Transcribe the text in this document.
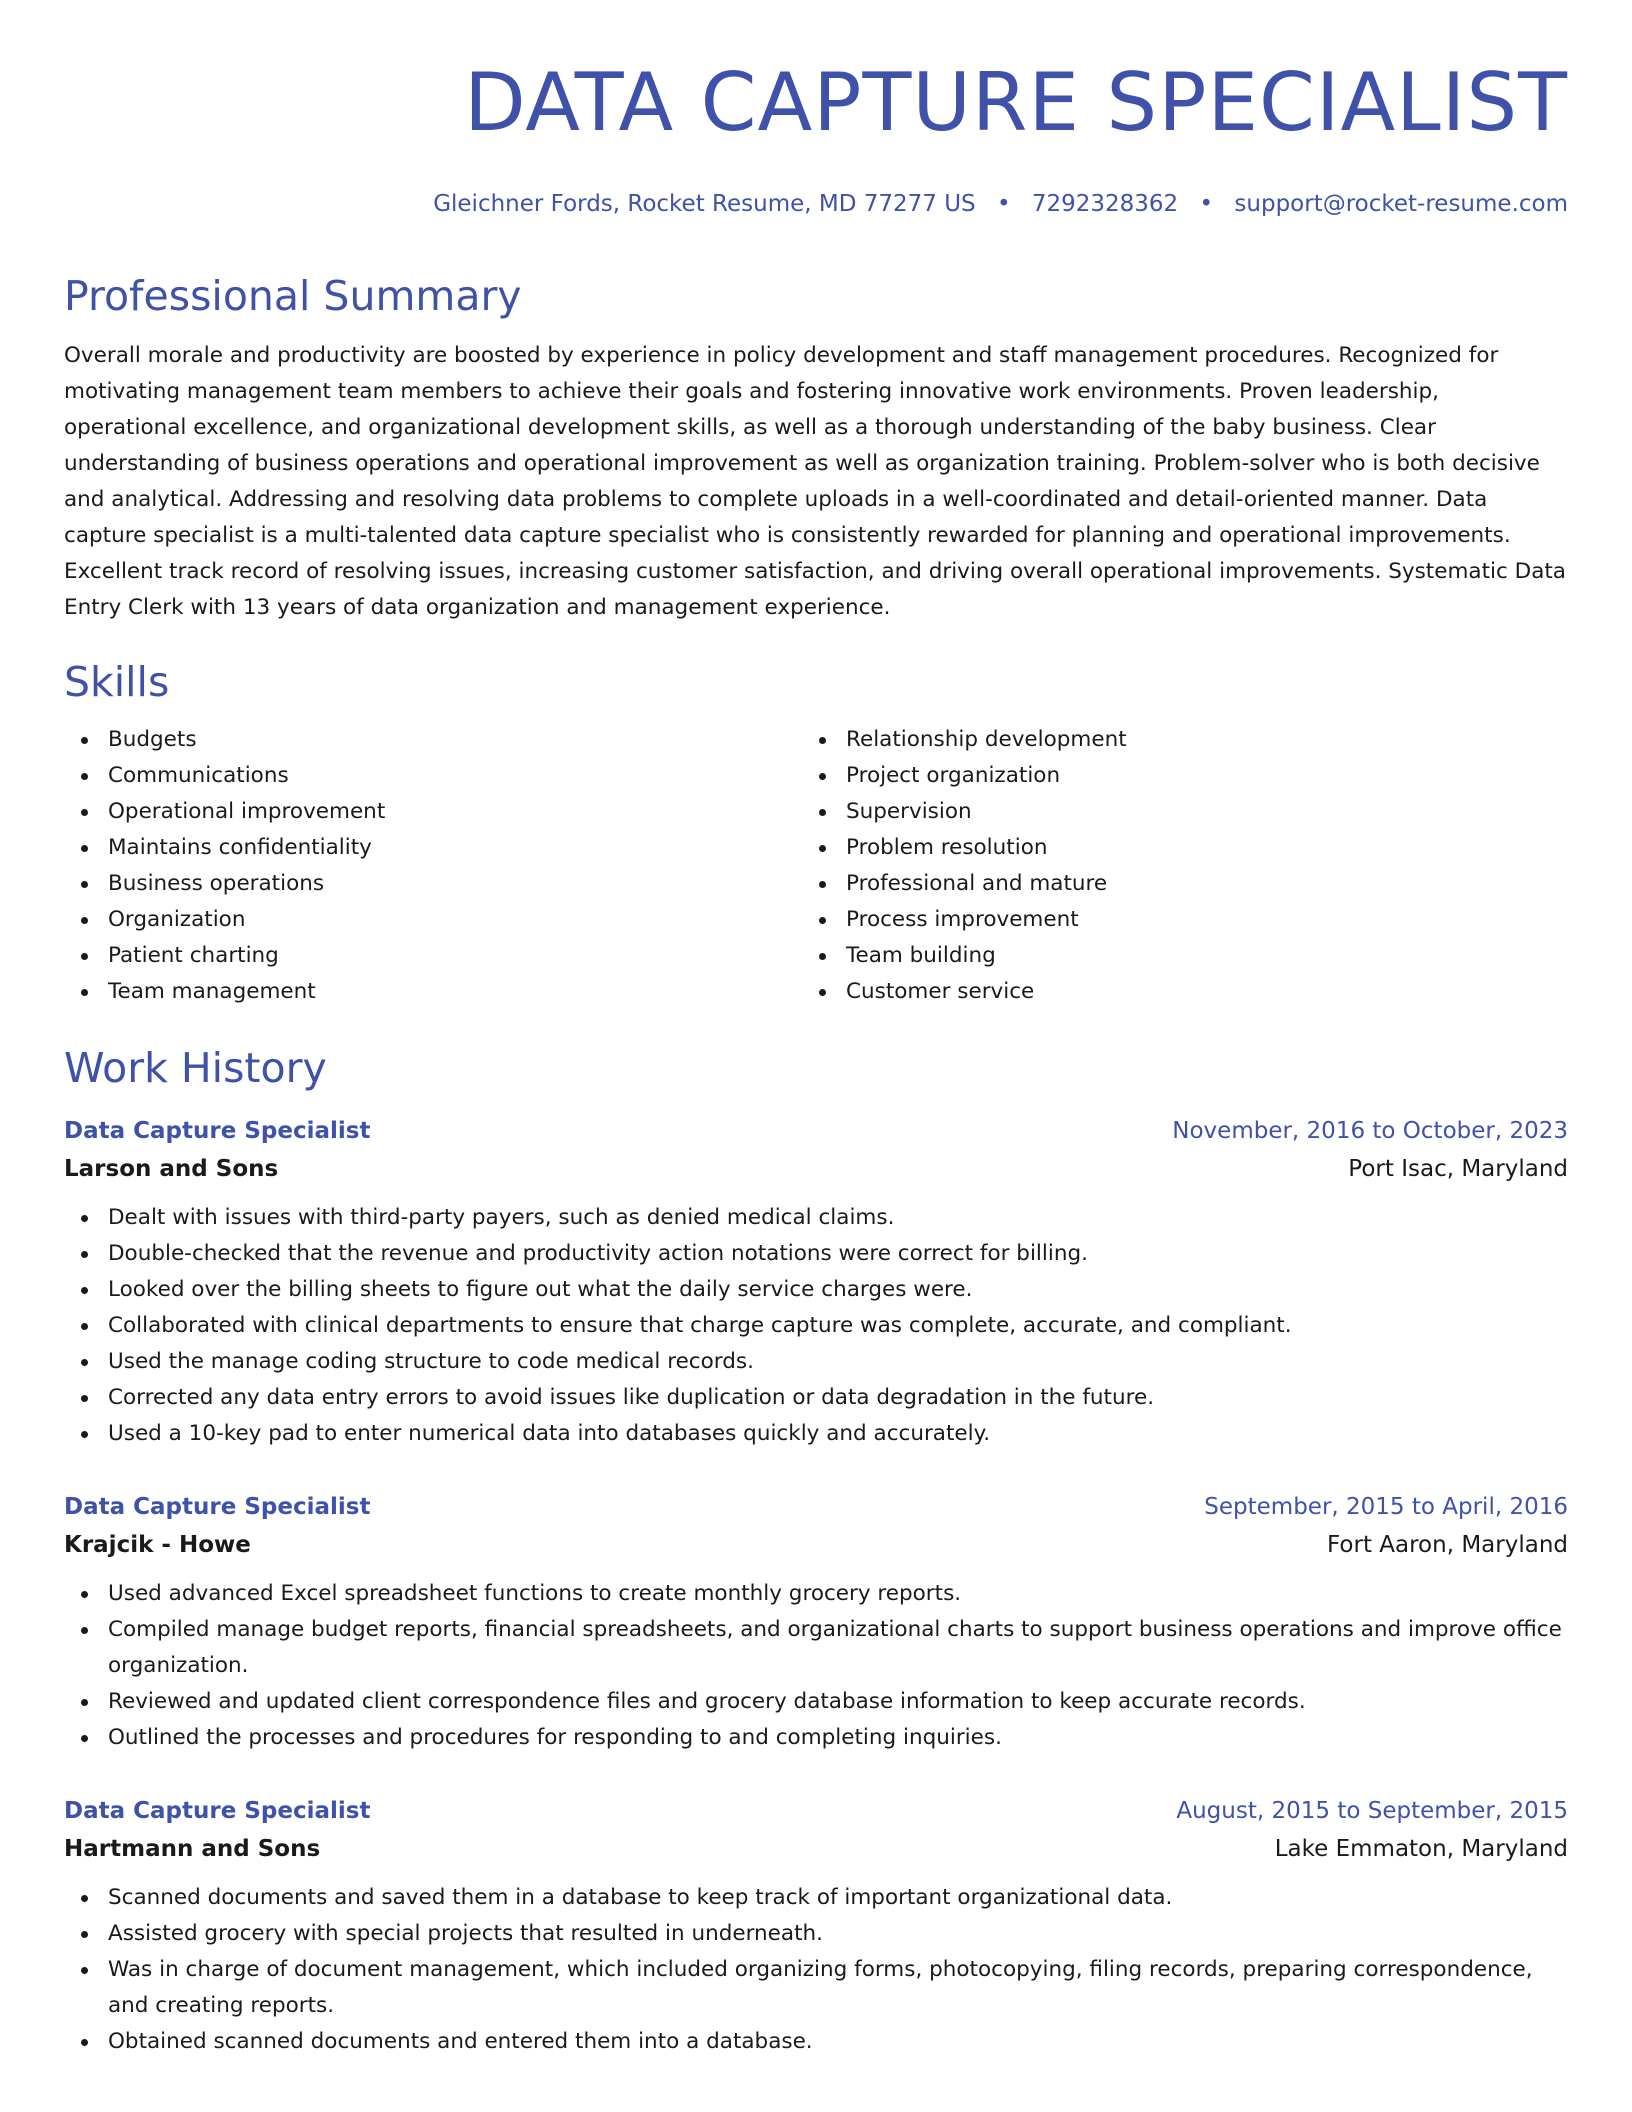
DATA CAPTURE SPECIALIST
Gleichner Fords, Rocket Resume, MD 77277 US • 7292328362 • support@rocket-resume.com
Professional Summary

Overall morale and productivity are boosted by experience in policy development and staff management procedures. Recognized for motivating management team members to achieve their goals and fostering innovative work environments. Proven leadership, operational excellence, and organizational development skills, as well as a thorough understanding of the baby business. Clear understanding of business operations and operational improvement as well as organization training. Problem-solver who is both decisive and analytical. Addressing and resolving data problems to complete uploads in a well-coordinated and detail-oriented manner. Data capture specialist is a multi-talented data capture specialist who is consistently rewarded for planning and operational improvements. Excellent track record of resolving issues, increasing customer satisfaction, and driving overall operational improvements. Systematic Data Entry Clerk with 13 years of data organization and management experience.

Skills
Budgets
Communications
Operational improvement
Maintains confidentiality
Business operations
Organization
Patient charting
Team management
Relationship development
Project organization
Supervision
Problem resolution
Professional and mature
Process improvement
Team building
Customer service
Work History
Data Capture Specialist	November, 2016 to October, 2023
Larson and Sons	Port Isac, Maryland
Dealt with issues with third-party payers, such as denied medical claims.
Double-checked that the revenue and productivity action notations were correct for billing.
Looked over the billing sheets to figure out what the daily service charges were.
Collaborated with clinical departments to ensure that charge capture was complete, accurate, and compliant.
Used the manage coding structure to code medical records.
Corrected any data entry errors to avoid issues like duplication or data degradation in the future.
Used a 10-key pad to enter numerical data into databases quickly and accurately.
Data Capture Specialist	September, 2015 to April, 2016
Krajcik - Howe	Fort Aaron, Maryland
Used advanced Excel spreadsheet functions to create monthly grocery reports.
Compiled manage budget reports, financial spreadsheets, and organizational charts to support business operations and improve office organization.
Reviewed and updated client correspondence files and grocery database information to keep accurate records.
Outlined the processes and procedures for responding to and completing inquiries.
Data Capture Specialist	August, 2015 to September, 2015
Hartmann and Sons	Lake Emmaton, Maryland
Scanned documents and saved them in a database to keep track of important organizational data.
Assisted grocery with special projects that resulted in underneath.
Was in charge of document management, which included organizing forms, photocopying, filing records, preparing correspondence, and creating reports.
Obtained scanned documents and entered them into a database.
